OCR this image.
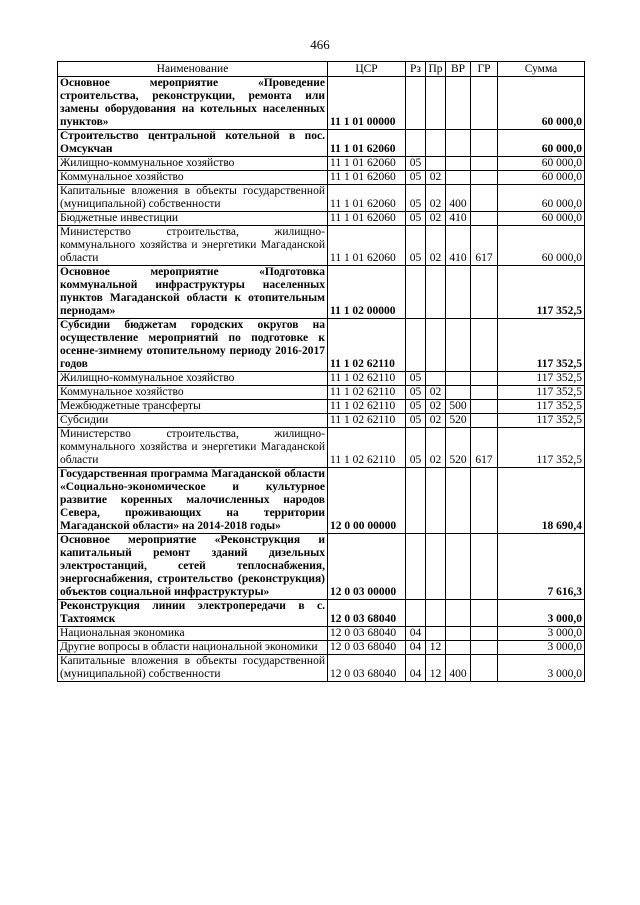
466
Наименование	ЦСР	Рз	Пр	ВР	ГР	Сумма
Основное мероприятие «Проведение строительства, реконструкции, ремонта или замены оборудования на котельных населенных пунктов»	11 1 01 00000					60 000,0
Строительство центральной котельной в пос. Омсукчан	11 1 01 62060					60 000,0
Жилищно-коммунальное хозяйство	11 1 01 62060	05				60 000,0
Коммунальное хозяйство	11 1 01 62060	05	02			60 000,0
Капитальные вложения в объекты государственной (муниципальной) собственности	11 1 01 62060	05	02	400		60 000,0
Бюджетные инвестиции	11 1 01 62060	05	02	410		60 000,0
Министерство строительства, жилищно-коммунального хозяйства и энергетики Магаданской области	11 1 01 62060	05	02	410	617	60 000,0
Основное мероприятие «Подготовка коммунальной инфраструктуры населенных пунктов Магаданской области к отопительным периодам»	11 1 02 00000					117 352,5
Субсидии бюджетам городских округов на осуществление мероприятий по подготовке к осенне-зимнему отопительному периоду 2016-2017 годов	11 1 02 62110					117 352,5
Жилищно-коммунальное хозяйство	11 1 02 62110	05				117 352,5
Коммунальное хозяйство	11 1 02 62110	05	02			117 352,5
Межбюджетные трансферты	11 1 02 62110	05	02	500		117 352,5
Субсидии	11 1 02 62110	05	02	520		117 352,5
Министерство строительства, жилищно-коммунального хозяйства и энергетики Магаданской области	11 1 02 62110	05	02	520	617	117 352,5
Государственная программа Магаданской области «Социально-экономическое и культурное развитие коренных малочисленных народов Севера, проживающих на территории Магаданской области» на 2014-2018 годы»	12 0 00 00000					18 690,4
Основное мероприятие «Реконструкция и капитальный ремонт зданий дизельных электростанций, сетей теплоснабжения, энергоснабжения, строительство (реконструкция) объектов социальной инфраструктуры»	12 0 03 00000					7 616,3
Реконструкция линии электропередачи в с. Тахтоямск	12 0 03 68040					3 000,0
Национальная экономика	12 0 03 68040	04				3 000,0
Другие вопросы в области национальной экономики	12 0 03 68040	04	12			3 000,0
Капитальные вложения в объекты государственной (муниципальной) собственности	12 0 03 68040	04	12	400		3 000,0
